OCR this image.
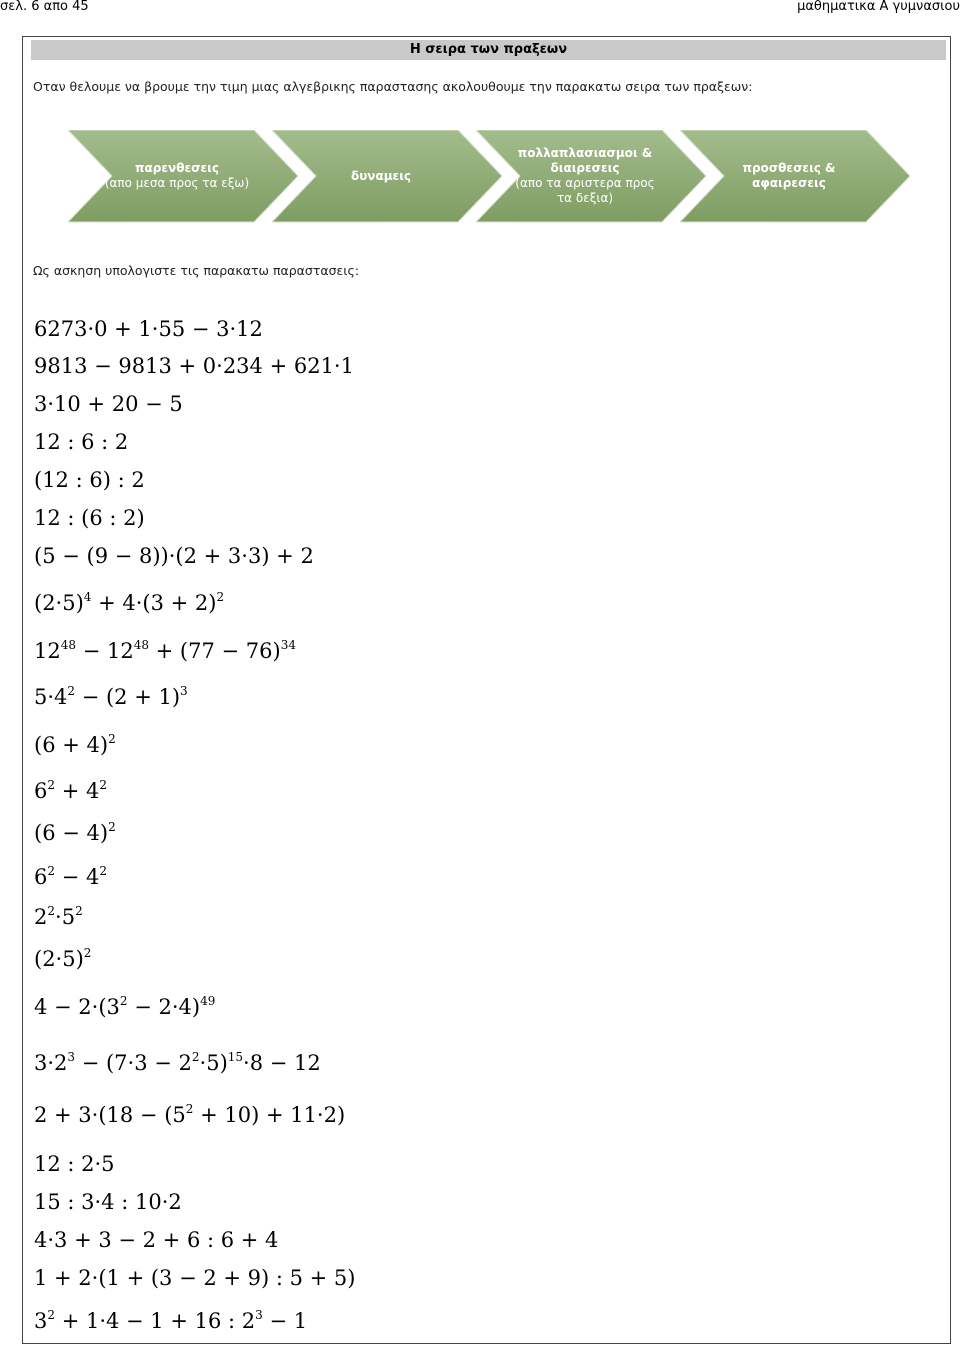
σελ. 6 απο 45	μαθηματικα Α γυμνασιου
Η σειρα των πραξεων
Οταν θελουμε να βρουμε την τιμη μιας αλγεβρικης παραστασης ακολουθουμε την παρακατω σειρα των πραξεων:
παρενθεσεις
(απο μεσα προς τα εξω)
δυναμεις
πολλαπλασιασμοι & διαιρεσεις
(απο τα αριστερα προς τα δεξια)
προσθεσεις & αφαιρεσεις
Ως ασκηση υπολογιστε τις παρακατω παραστασεις:
6273·0 + 1·55 − 3·12
9813 − 9813 + 0·234 + 621·1
3·10 + 20 − 5
12 : 6 : 2
(12 : 6) : 2
12 : (6 : 2)
(5 − (9 − 8))·(2 + 3·3) + 2
$(2\cdot 5)^4 + 4\cdot(3 + 2)^2$
$12^{48} - 12^{48} + (77 - 76)^{34}$
$5\cdot 4^2 - (2 + 1)^3$
$(6 + 4)^2$
$6^2 + 4^2$
$(6 - 4)^2$
$6^2 - 4^2$
$2^2\cdot 5^2$
$(2\cdot 5)^2$
$4 - 2\cdot(3^2 - 2\cdot 4)^{49}$
$3\cdot 2^3 - (7\cdot 3 - 2^2\cdot 5)^{15}\cdot 8 - 12$
$2 + 3\cdot(18 - (5^2 + 10) + 11\cdot 2)$
12 : 2·5
15 : 3·4 : 10·2
4·3 + 3 − 2 + 6 : 6 + 4
1 + 2·(1 + (3 − 2 + 9) : 5 + 5)
$3^2 + 1\cdot 4 - 1 + 16$ : $2^3 - 1$
